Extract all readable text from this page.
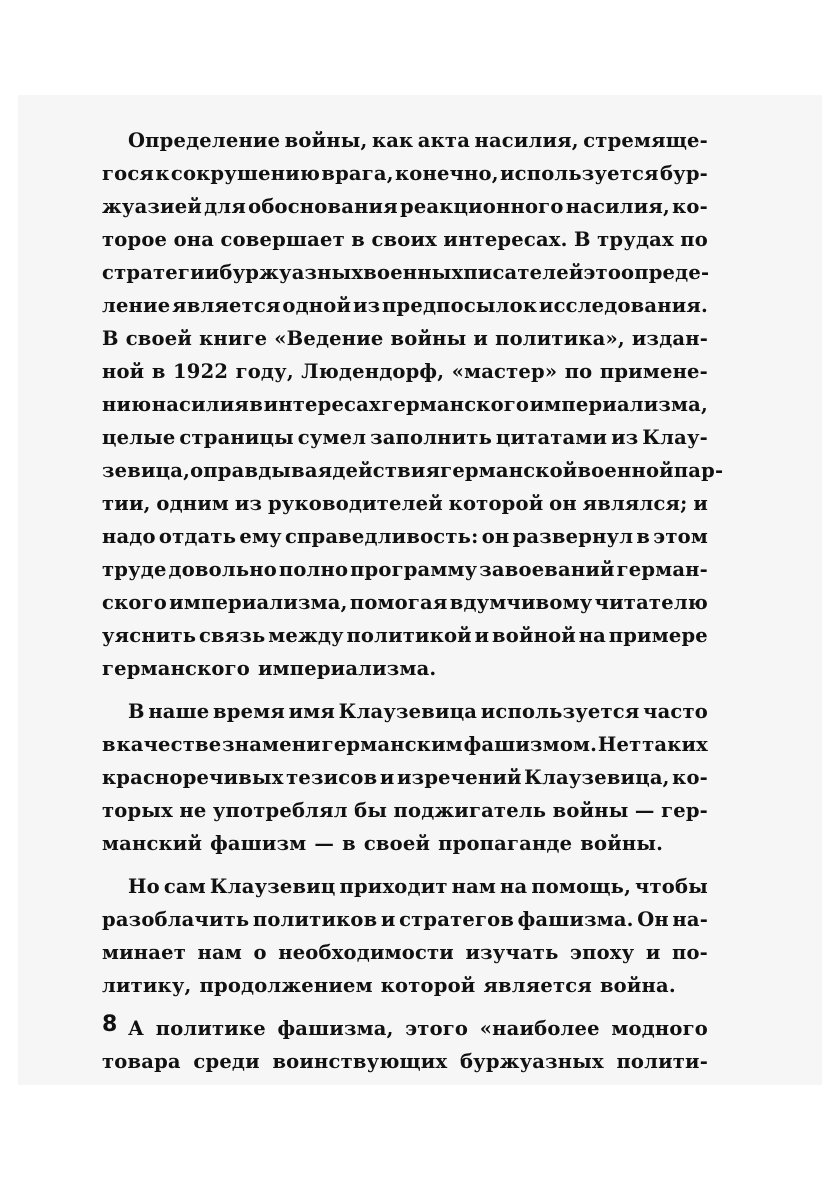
Определение войны, как акта насилия, стремяще-
гося к сокрушению врага, конечно, используется бур-
жуазией для обоснования реакционного насилия, ко-
торое она совершает в своих интересах. В трудах по
стратегии буржуазных военных писателей это опреде-
ление является одной из предпосылок исследования.
В своей книге «Ведение войны и политика», издан-
ной в 1922 году, Людендорф, «мастер» по примене-
нию насилия в интересах германского империализма,
целые страницы сумел заполнить цитатами из Клау-
зевица, оправдывая действия германской военной пар-
тии, одним из руководителей которой он являлся; и
надо отдать ему справедливость: он развернул в этом
труде довольно полно программу завоеваний герман-
ского империализма, помогая вдумчивому читателю
уяснить связь между политикой и войной на примере
германского империализма.
В наше время имя Клаузевица используется часто
в качестве знамени германским фашизмом. Нет таких
красноречивых тезисов и изречений Клаузевица, ко-
торых не употреблял бы поджигатель войны — гер-
манский фашизм — в своей пропаганде войны.
Но сам Клаузевиц приходит нам на помощь, чтобы
разоблачить политиков и стратегов фашизма. Он на-
минает нам о необходимости изучать эпоху и по-
литику, продолжением которой является война.
А политике фашизма, этого «наиболее модного
товара среди воинствующих буржуазных полити-
8
